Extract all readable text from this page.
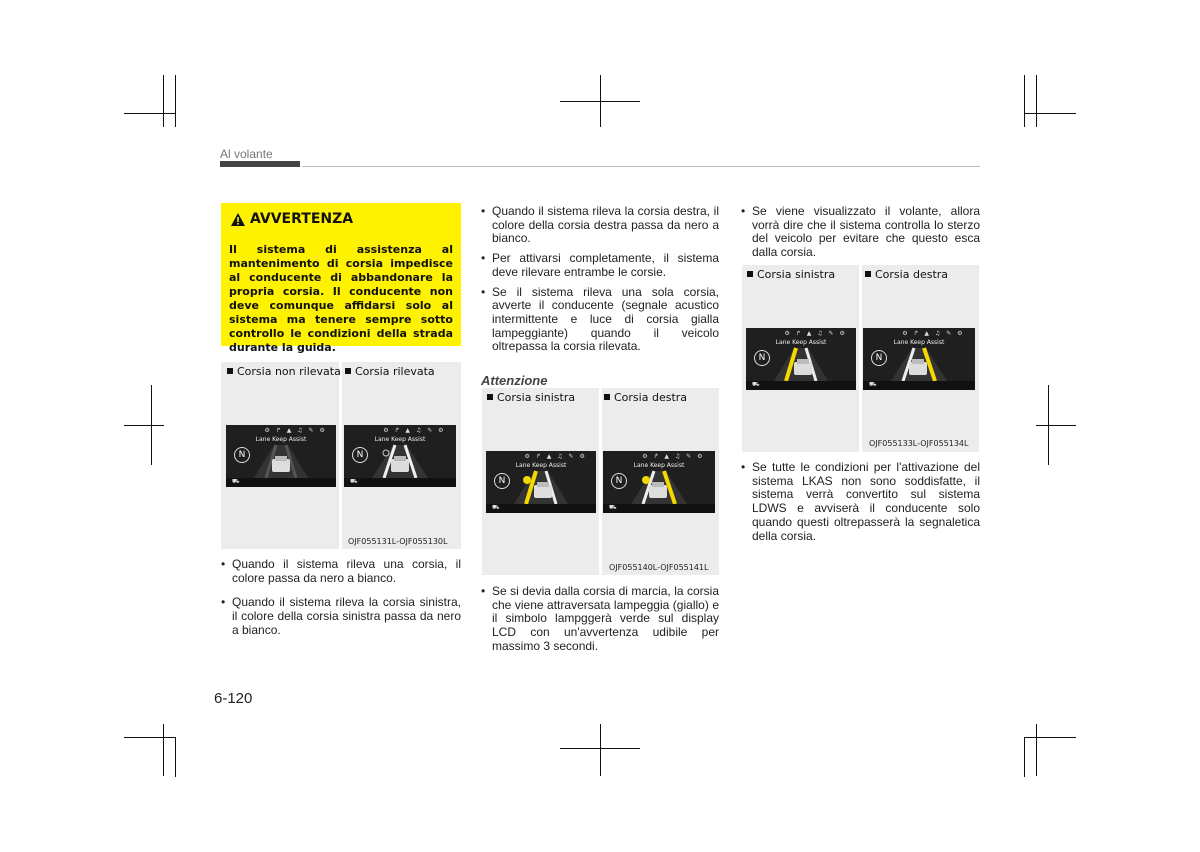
Al volante
AVVERTENZA
Il sistema di assistenza al mantenimento di corsia impedisce al conducente di abbandonare la propria corsia. Il conducente non deve comunque affidarsi solo al sistema ma tenere sempre sotto controllo le condizioni della strada durante la guida.
Corsia non rilevata	Corsia rilevata
⚙ ↱ ▲ ♫ ✎ ⚙
Lane Keep Assist
N
⛟
⚙ ↱ ▲ ♫ ✎ ⚙
Lane Keep Assist
N
⛟
OJF055131L-OJF055130L
• Quando il sistema rileva una corsia, il colore passa da nero a bianco.
• Quando il sistema rileva la corsia sinistra, il colore della corsia sinistra passa da nero a bianco.
• Quando il sistema rileva la corsia destra, il colore della corsia destra passa da nero a bianco.
• Per attivarsi completamente, il sistema deve rilevare entrambe le corsie.
• Se il sistema rileva una sola corsia, avverte il conducente (segnale acustico intermittente e luce di corsia gialla lampeggiante) quando il veicolo oltrepassa la corsia rilevata.
Attenzione
Corsia sinistra	Corsia destra
⚙ ↱ ▲ ♫ ✎ ⚙
Lane Keep Assist
N
⛟
⚙ ↱ ▲ ♫ ✎ ⚙
Lane Keep Assist
N
⛟
OJF055140L-OJF055141L
• Se si devia dalla corsia di marcia, la corsia che viene attraversata lampeggia (giallo) e il simbolo lampggerà verde sul display LCD con un'avvertenza udibile per massimo 3 secondi.
• Se viene visualizzato il volante, allora vorrà dire che il sistema controlla lo sterzo del veicolo per evitare che questo esca dalla corsia.
Corsia sinistra	Corsia destra
⚙ ↱ ▲ ♫ ✎ ⚙
Lane Keep Assist
N
⛟
⚙ ↱ ▲ ♫ ✎ ⚙
Lane Keep Assist
N
⛟
OJF055133L-OJF055134L
• Se tutte le condizioni per l'attivazione del sistema LKAS non sono soddisfatte, il sistema verrà convertito sul sistema LDWS e avviserà il conducente solo quando questi oltrepasserà la segnaletica della corsia.
6-120
